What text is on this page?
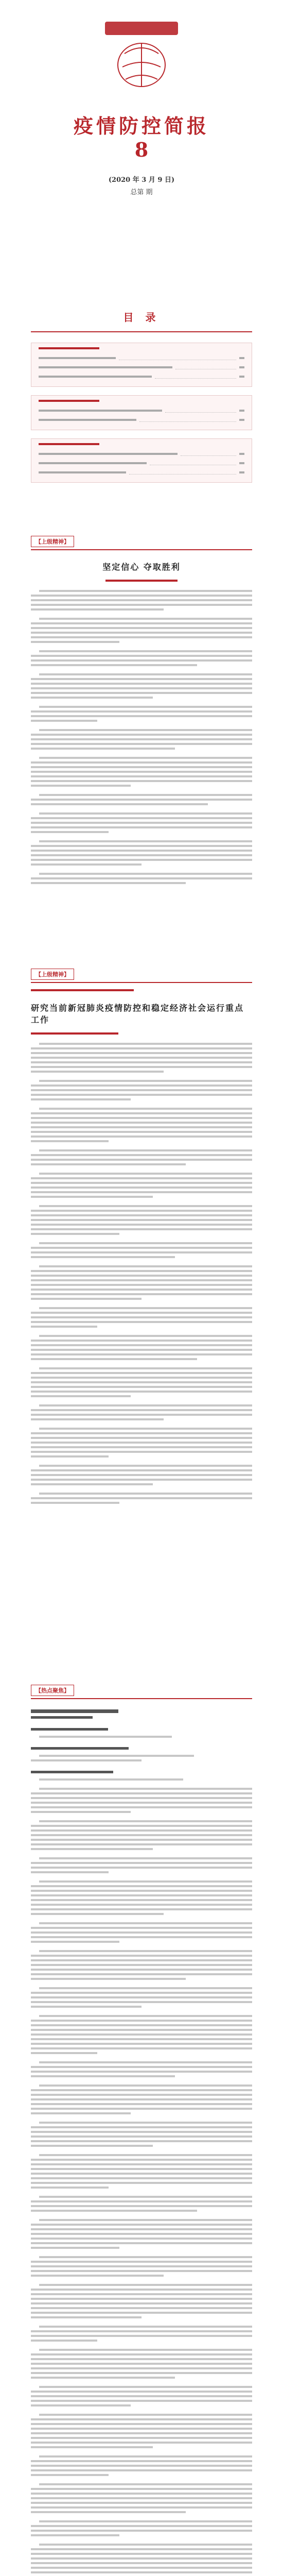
疫情防控简报
8
(2020 年 3 月 9 日)
总第 期
目 录
【上级精神】
坚定信心 夺取胜利
【上级精神】
研究当前新冠肺炎疫情防控和稳定经济社会运行重点工作
【热点聚焦】
